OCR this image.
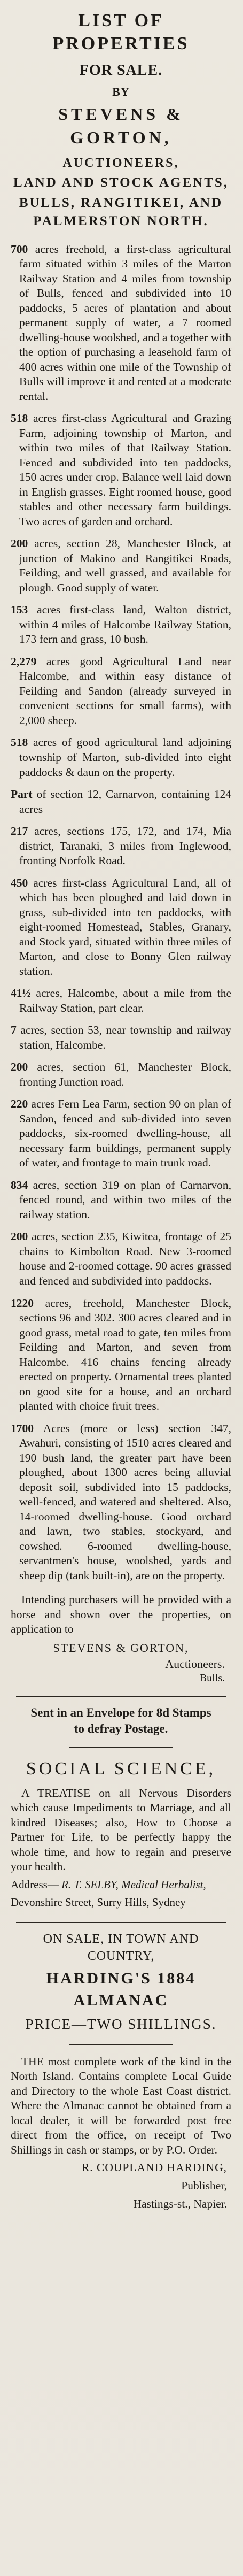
LIST OF PROPERTIES

FOR SALE.

BY

STEVENS & GORTON,

AUCTIONEERS,

LAND AND STOCK AGENTS,

BULLS, RANGITIKEI, AND PALMERSTON NORTH.

700 acres freehold, a first-class agricultural farm situated within 3 miles of the Marton Railway Station and 4 miles from township of Bulls, fenced and subdivided into 10 paddocks, 5 acres of plantation and about permanent supply of water, a 7 roomed dwelling-house woolshed, and a together with the option of purchasing a leasehold farm of 400 acres within one mile of the Township of Bulls will improve it and rented at a moderate rental.

518 acres first-class Agricultural and Grazing Farm, adjoining township of Marton, and within two miles of that Railway Station. Fenced and subdivided into ten paddocks, 150 acres under crop. Balance well laid down in English grasses. Eight roomed house, good stables and other necessary farm buildings. Two acres of garden and orchard.

200 acres, section 28, Manchester Block, at junction of Makino and Rangitikei Roads, Feilding, and well grassed, and available for plough. Good supply of water.

153 acres first-class land, Walton district, within 4 miles of Halcombe Railway Station, 173 fern and grass, 10 bush.

2,279 acres good Agricultural Land near Halcombe, and within easy distance of Feilding and Sandon (already surveyed in convenient sections for small farms), with 2,000 sheep.

518 acres of good agricultural land adjoining township of Marton, sub-divided into eight paddocks & daun on the property.

Part of section 12, Carnarvon, containing 124 acres

217 acres, sections 175, 172, and 174, Mia district, Taranaki, 3 miles from Inglewood, fronting Norfolk Road.

450 acres first-class Agricultural Land, all of which has been ploughed and laid down in grass, sub-divided into ten paddocks, with eight-roomed Homestead, Stables, Granary, and Stock yard, situated within three miles of Marton, and close to Bonny Glen railway station.

41½ acres, Halcombe, about a mile from the Railway Station, part clear.

7 acres, section 53, near township and railway station, Halcombe.

200 acres, section 61, Manchester Block, fronting Junction road.

220 acres Fern Lea Farm, section 90 on plan of Sandon, fenced and sub-divided into seven paddocks, six-roomed dwelling-house, all necessary farm buildings, permanent supply of water, and frontage to main trunk road.

834 acres, section 319 on plan of Carnarvon, fenced round, and within two miles of the railway station.

200 acres, section 235, Kiwitea, frontage of 25 chains to Kimbolton Road. New 3-roomed house and 2-roomed cottage. 90 acres grassed and fenced and subdivided into paddocks.

1220 acres, freehold, Manchester Block, sections 96 and 302. 300 acres cleared and in good grass, metal road to gate, ten miles from Feilding and Marton, and seven from Halcombe. 416 chains fencing already erected on property. Ornamental trees planted on good site for a house, and an orchard planted with choice fruit trees.

1700 Acres (more or less) section 347, Awahuri, consisting of 1510 acres cleared and 190 bush land, the greater part have been ploughed, about 1300 acres being alluvial deposit soil, subdivided into 15 paddocks, well-fenced, and watered and sheltered. Also, 14-roomed dwelling-house. Good orchard and lawn, two stables, stockyard, and cowshed. 6-roomed dwelling-house, servantmen's house, woolshed, yards and sheep dip (tank built-in), are on the property.

Intending purchasers will be provided with a horse and shown over the properties, on application to

STEVENS & GORTON,

Auctioneers.

Bulls.

Sent in an Envelope for 8d Stamps

to defray Postage.

SOCIAL SCIENCE,

A TREATISE on all Nervous Disorders which cause Impediments to Marriage, and all kindred Diseases; also, How to Choose a Partner for Life, to be perfectly happy the whole time, and how to regain and preserve your health.

Address— R. T. SELBY, Medical Herbalist,

Devonshire Street, Surry Hills, Sydney

ON SALE, IN TOWN AND COUNTRY,

HARDING'S 1884 ALMANAC

PRICE—TWO SHILLINGS.

THE most complete work of the kind in the North Island. Contains complete Local Guide and Directory to the whole East Coast district. Where the Almanac cannot be obtained from a local dealer, it will be forwarded post free direct from the office, on receipt of Two Shillings in cash or stamps, or by P.O. Order.

R. COUPLAND HARDING,

Publisher,

Hastings-st., Napier.
